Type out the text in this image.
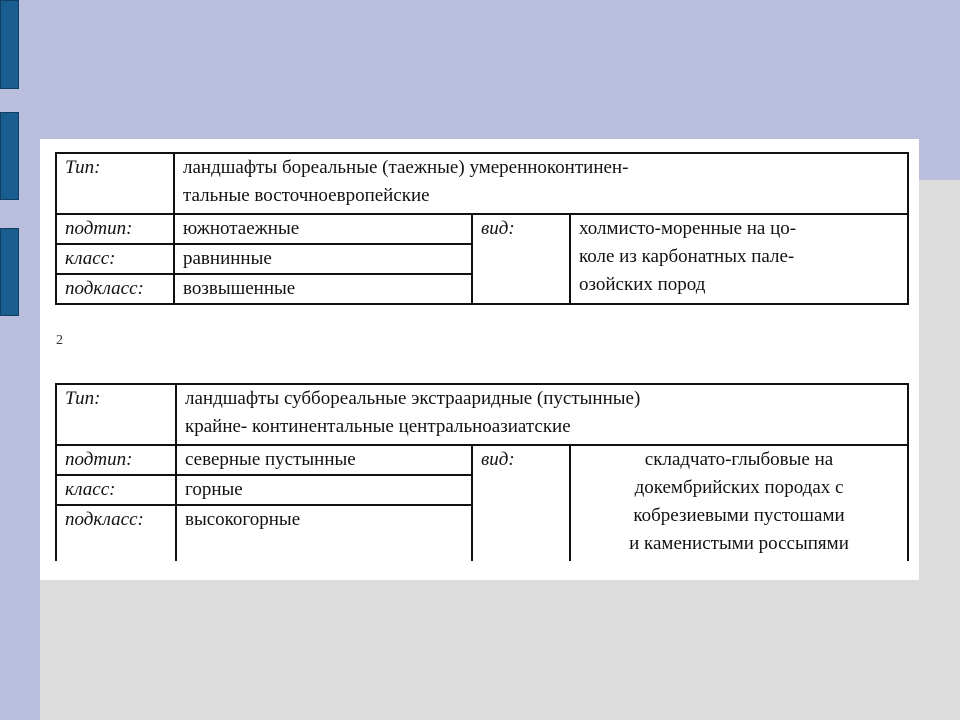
Тип:	ландшафты бореальные (таежные) умеренноконтинен-
тальные восточноевропейские		

подтип:	южнотаежные	вид:	холмисто-моренные на цо-
коле из карбонатных пале-
озойских пород

класс:	равнинные		
подкласс:	возвышенные		
2
Тип:	ландшафты суббореальные экстрааридные (пустынные)
крайне- континентальные центральноазиатские		

подтип:	северные пустынные	вид:	складчато-глыбовые на
докембрийских породах с
кобрезиевыми пустошами
и каменистыми россыпями

класс:	горные		
подкласс:	высокогорные		
